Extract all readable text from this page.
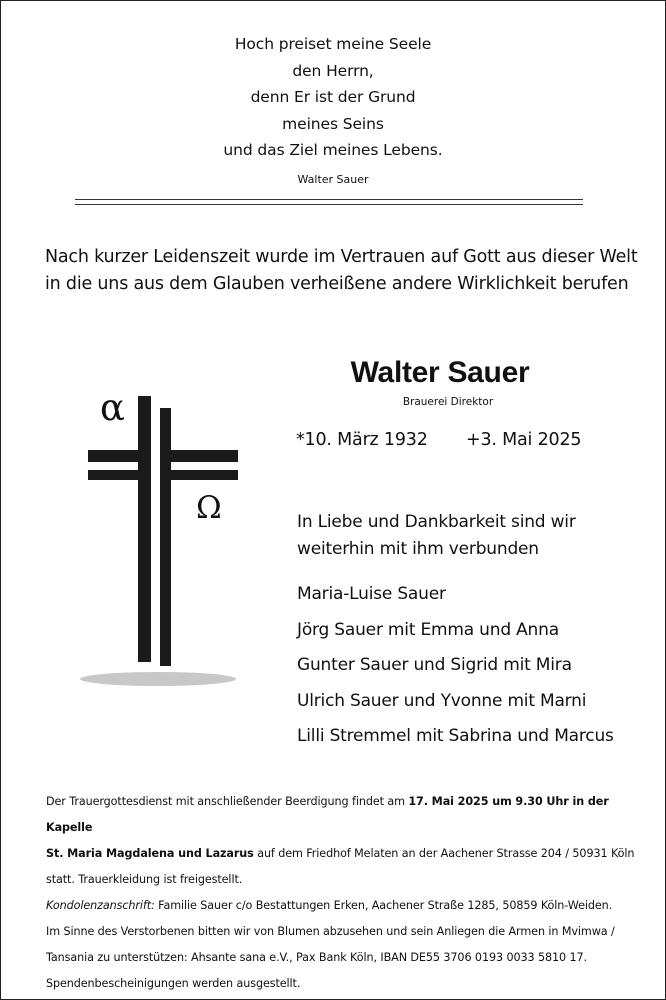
Hoch preiset meine Seele
den Herrn,
denn Er ist der Grund
meines Seins
und das Ziel meines Lebens.
Walter Sauer
Nach kurzer Leidenszeit wurde im Vertrauen auf Gott aus dieser Welt
in die uns aus dem Glauben verheißene andere Wirklichkeit berufen
α
Ω
Walter Sauer
Brauerei Direktor
*10. März 1932 +3. Mai 2025
In Liebe und Dankbarkeit sind wir
weiterhin mit ihm verbunden
Maria-Luise Sauer
Jörg Sauer mit Emma und Anna
Gunter Sauer und Sigrid mit Mira
Ulrich Sauer und Yvonne mit Marni
Lilli Stremmel mit Sabrina und Marcus
Der Trauergottesdienst mit anschließender Beerdigung findet am 17. Mai 2025 um 9.30 Uhr in der Kapelle
St. Maria Magdalena und Lazarus auf dem Friedhof Melaten an der Aachener Strasse 204 / 50931 Köln
statt. Trauerkleidung ist freigestellt.
Kondolenzanschrift: Familie Sauer c/o Bestattungen Erken, Aachener Straße 1285, 50859 Köln-Weiden.
Im Sinne des Verstorbenen bitten wir von Blumen abzusehen und sein Anliegen die Armen in Mvimwa /
Tansania zu unterstützen: Ahsante sana e.V., Pax Bank Köln, IBAN DE55 3706 0193 0033 5810 17.
Spendenbescheinigungen werden ausgestellt.
